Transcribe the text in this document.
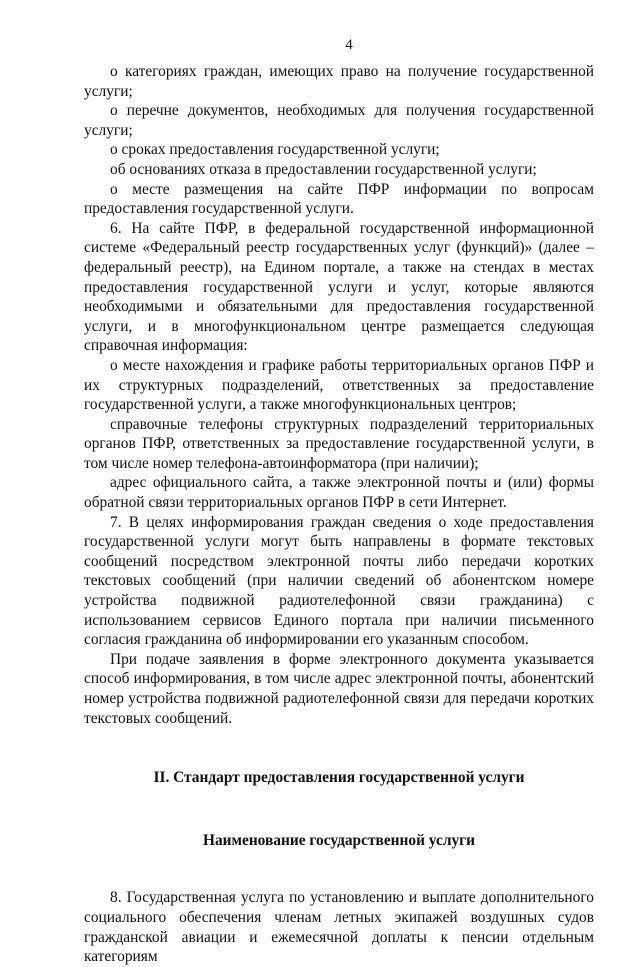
4

о категориях граждан, имеющих право на получение государственной услуги;

о перечне документов, необходимых для получения государственной услуги;

о сроках предоставления государственной услуги;

об основаниях отказа в предоставлении государственной услуги;

о месте размещения на сайте ПФР информации по вопросам предоставления государственной услуги.

6. На сайте ПФР, в федеральной государственной информационной системе «Федеральный реестр государственных услуг (функций)» (далее – федеральный реестр), на Едином портале, а также на стендах в местах предоставления государственной услуги и услуг, которые являются необходимыми и обязательными для предоставления государственной услуги, и в многофункциональном центре размещается следующая справочная информация:

о месте нахождения и графике работы территориальных органов ПФР и их структурных подразделений, ответственных за предоставление государственной услуги, а также многофункциональных центров;

справочные телефоны структурных подразделений территориальных органов ПФР, ответственных за предоставление государственной услуги, в том числе номер телефона-автоинформатора (при наличии);

адрес официального сайта, а также электронной почты и (или) формы обратной связи территориальных органов ПФР в сети Интернет.

7. В целях информирования граждан сведения о ходе предоставления государственной услуги могут быть направлены в формате текстовых сообщений посредством электронной почты либо передачи коротких текстовых сообщений (при наличии сведений об абонентском номере устройства подвижной радиотелефонной связи гражданина) с использованием сервисов Единого портала при наличии письменного согласия гражданина об информировании его указанным способом.

При подаче заявления в форме электронного документа указывается способ информирования, в том числе адрес электронной почты, абонентский номер устройства подвижной радиотелефонной связи для передачи коротких текстовых сообщений.

II. Стандарт предоставления государственной услуги
Наименование государственной услуги

8. Государственная услуга по установлению и выплате дополнительного социального обеспечения членам летных экипажей воздушных судов гражданской авиации и ежемесячной доплаты к пенсии отдельным категориям
